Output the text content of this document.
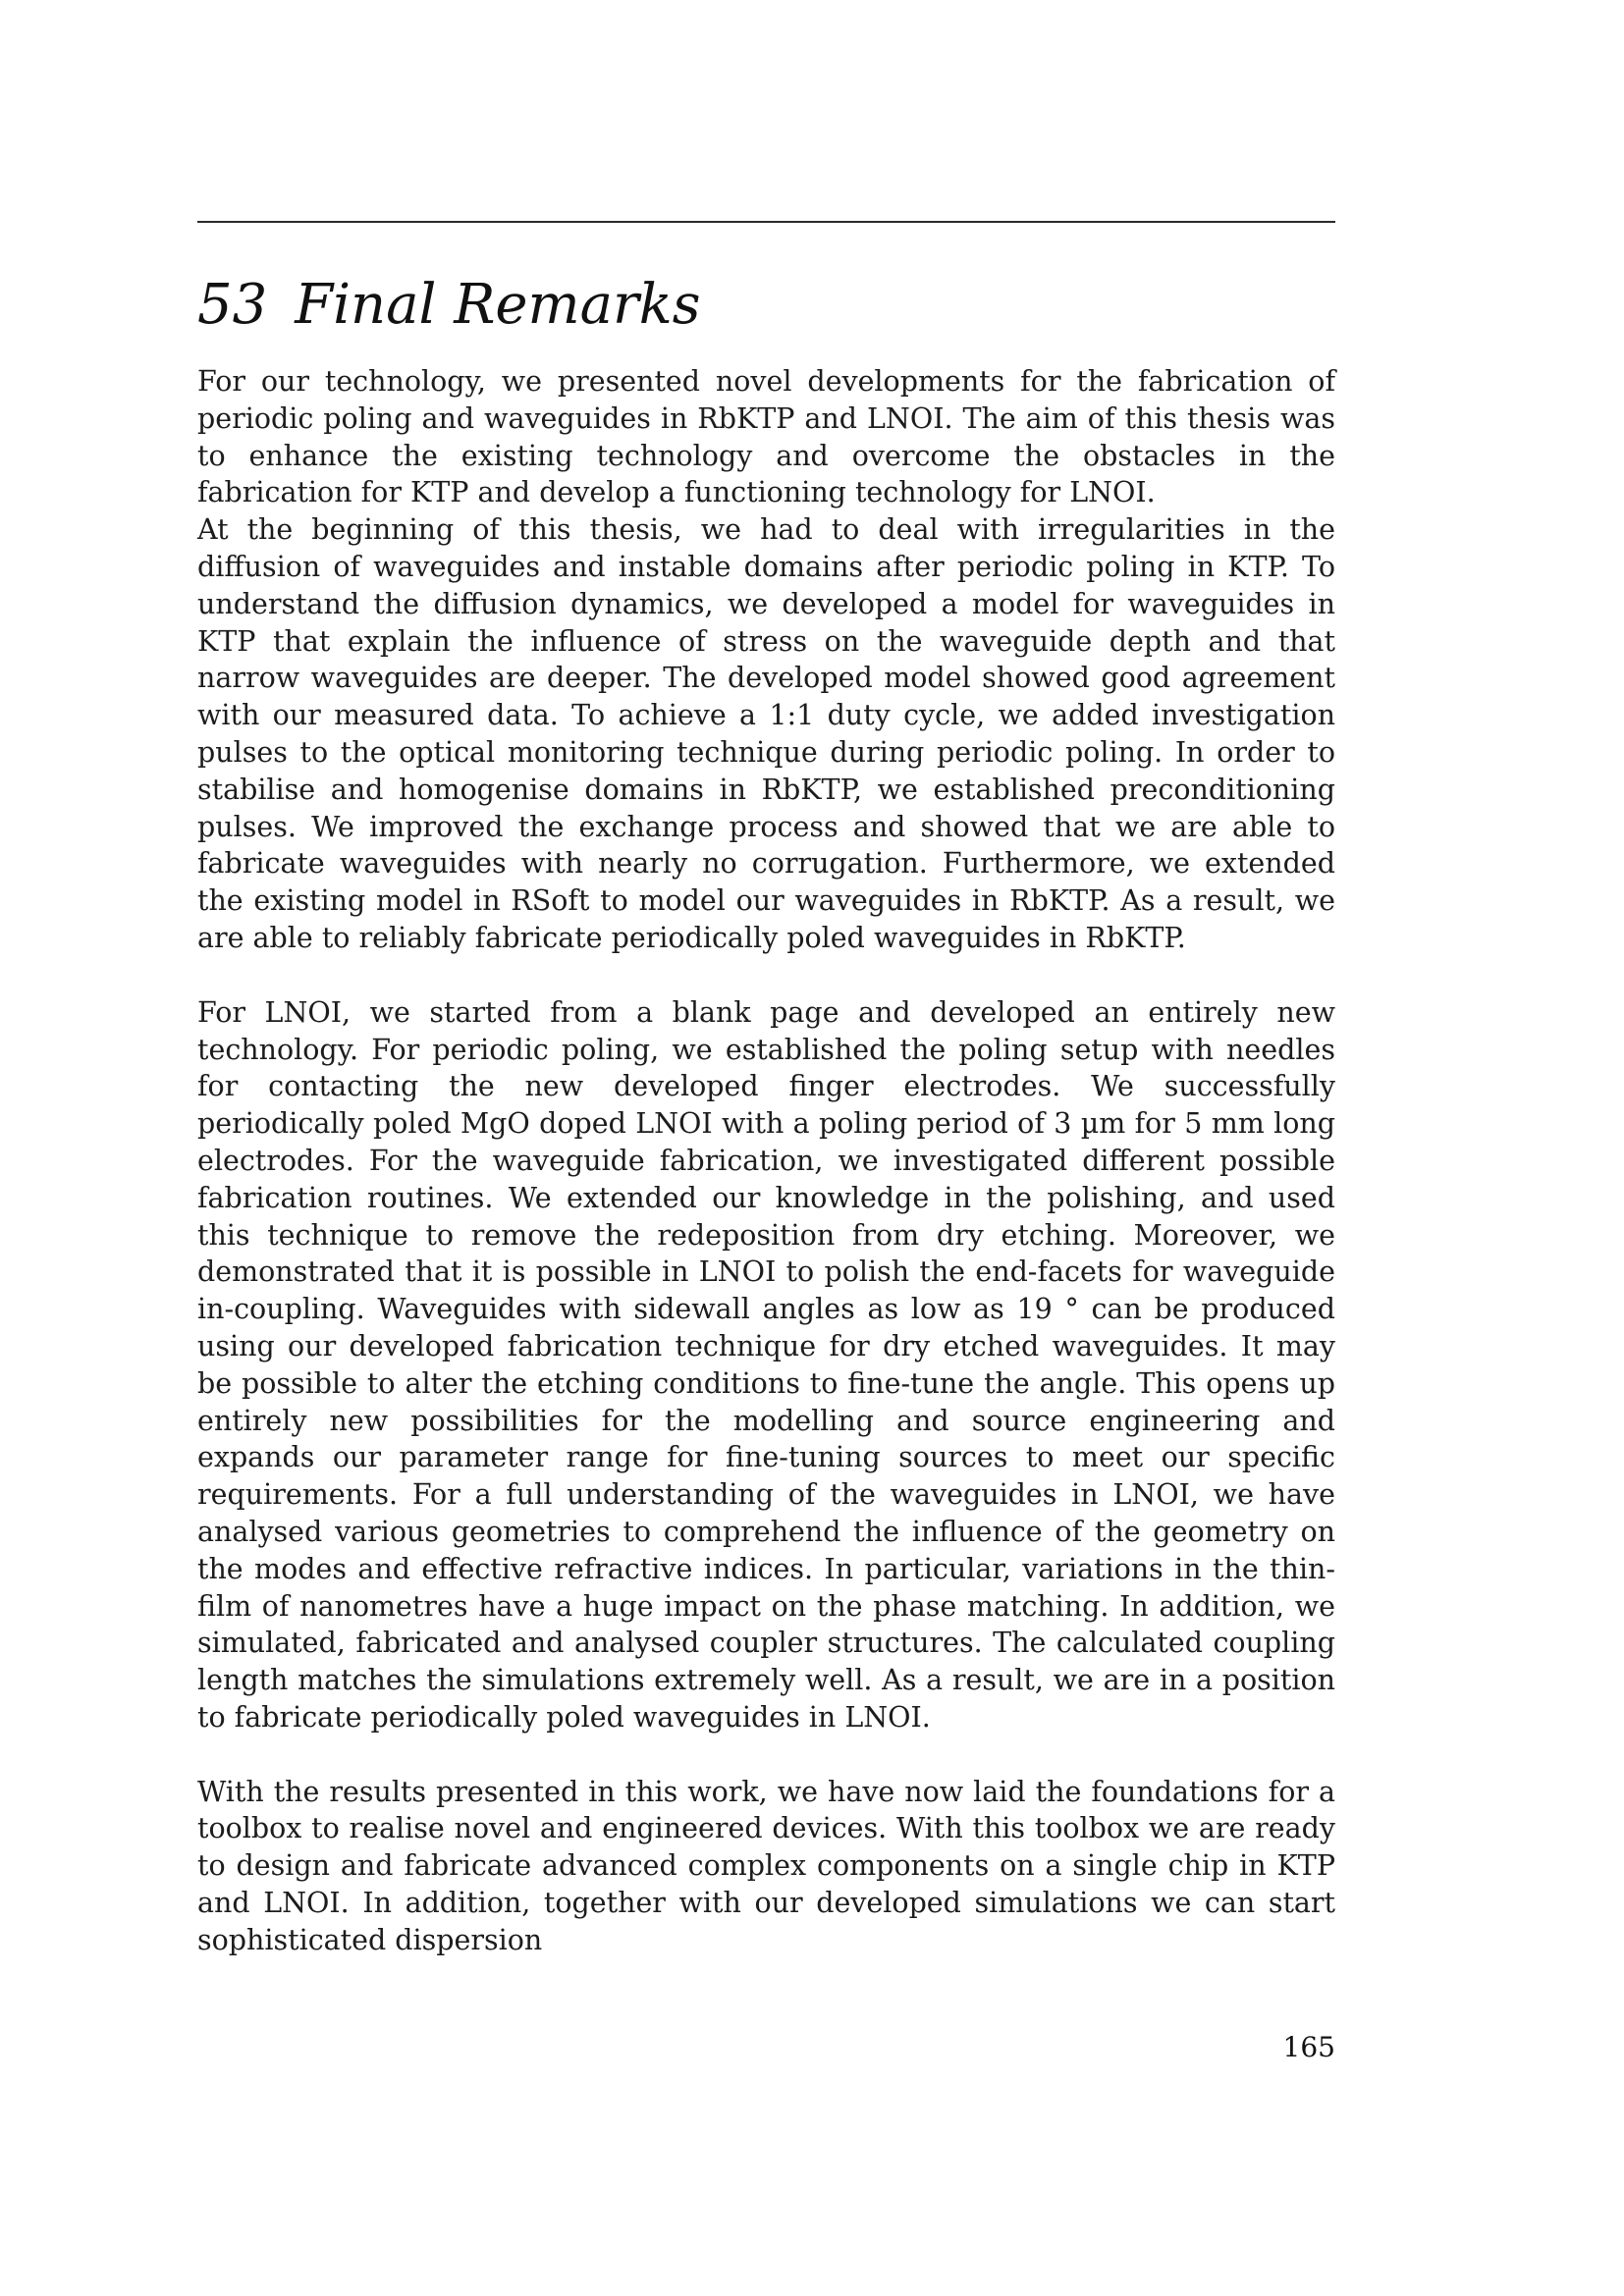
53 Final Remarks

For our technology, we presented novel developments for the fabrication of periodic poling and waveguides in RbKTP and LNOI. The aim of this thesis was to enhance the existing technology and overcome the obstacles in the fabrication for KTP and develop a functioning technology for LNOI.

At the beginning of this thesis, we had to deal with irregularities in the diffusion of waveguides and instable domains after periodic poling in KTP. To understand the diffusion dynamics, we developed a model for waveguides in KTP that explain the influence of stress on the waveguide depth and that narrow waveguides are deeper. The developed model showed good agreement with our measured data. To achieve a 1:1 duty cycle, we added investigation pulses to the optical monitoring technique during periodic poling. In order to stabilise and homogenise domains in RbKTP, we established preconditioning pulses. We improved the exchange process and showed that we are able to fabricate waveguides with nearly no corrugation. Furthermore, we extended the existing model in RSoft to model our waveguides in RbKTP. As a result, we are able to reliably fabricate periodically poled waveguides in RbKTP.

For LNOI, we started from a blank page and developed an entirely new technology. For periodic poling, we established the poling setup with needles for contacting the new developed finger electrodes. We successfully periodically poled MgO doped LNOI with a poling period of 3 µm for 5 mm long electrodes. For the waveguide fabrication, we investigated different possible fabrication routines. We extended our knowledge in the polishing, and used this technique to remove the redeposition from dry etching. Moreover, we demonstrated that it is possible in LNOI to polish the end-facets for waveguide in-coupling. Waveguides with sidewall angles as low as 19 ° can be produced using our developed fabrication technique for dry etched waveguides. It may be possible to alter the etching conditions to fine-tune the angle. This opens up entirely new possibilities for the modelling and source engineering and expands our parameter range for fine-tuning sources to meet our specific requirements. For a full understanding of the waveguides in LNOI, we have analysed various geometries to comprehend the influence of the geometry on the modes and effective refractive indices. In particular, variations in the thin-film of nanometres have a huge impact on the phase matching. In addition, we simulated, fabricated and analysed coupler structures. The calculated coupling length matches the simulations extremely well. As a result, we are in a position to fabricate periodically poled waveguides in LNOI.

With the results presented in this work, we have now laid the foundations for a toolbox to realise novel and engineered devices. With this toolbox we are ready to design and fabricate advanced complex components on a single chip in KTP and LNOI. In addition, together with our developed simulations we can start sophisticated dispersion

165
